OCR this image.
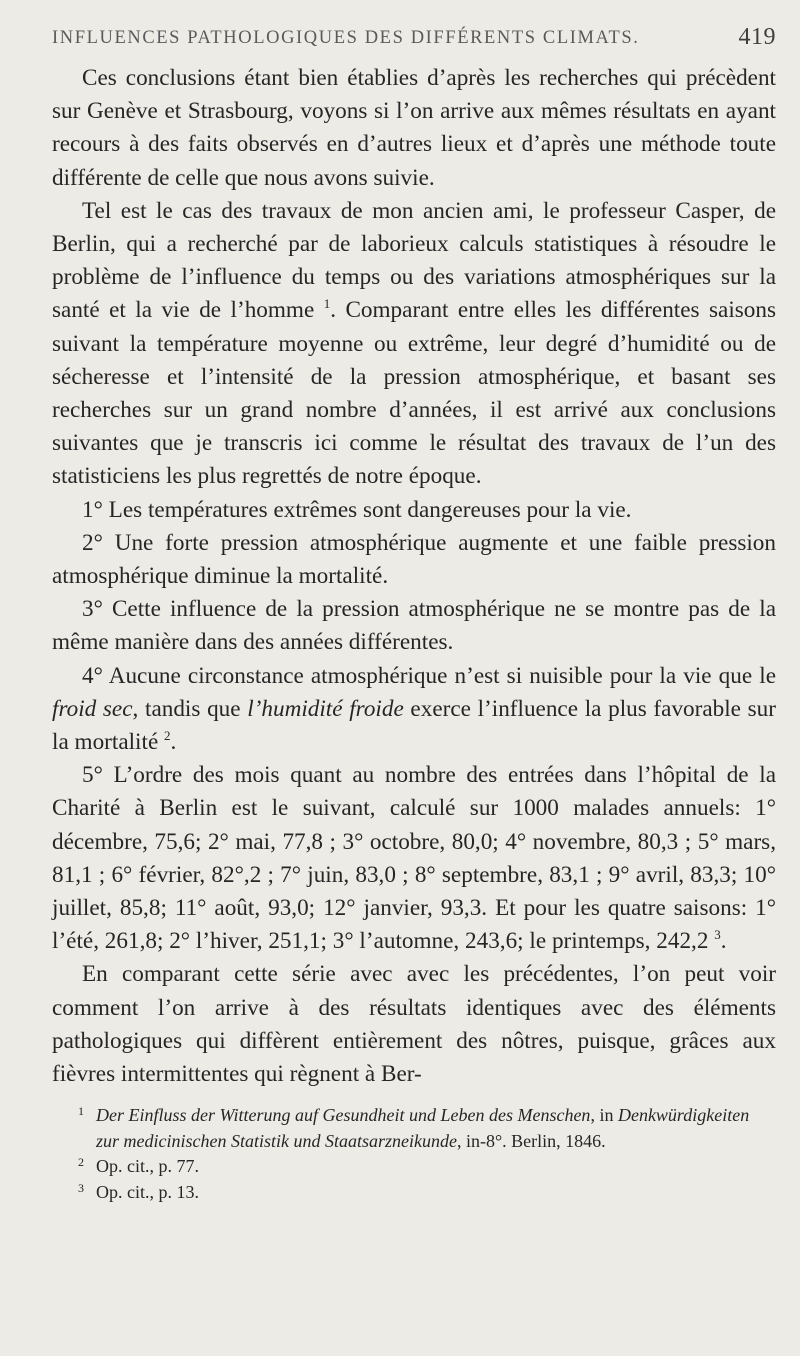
INFLUENCES PATHOLOGIQUES DES DIFFÉRENTS CLIMATS.	419

Ces conclusions étant bien établies d’après les recherches qui précèdent sur Genève et Strasbourg, voyons si l’on arrive aux mêmes résultats en ayant recours à des faits observés en d’autres lieux et d’après une méthode toute différente de celle que nous avons suivie.

Tel est le cas des travaux de mon ancien ami, le professeur Casper, de Berlin, qui a recherché par de laborieux calculs statistiques à résoudre le problème de l’influence du temps ou des variations atmosphériques sur la santé et la vie de l’homme $^1$. Comparant entre elles les différentes saisons suivant la température moyenne ou extrême, leur degré d’humidité ou de sécheresse et l’intensité de la pression atmosphérique, et basant ses recherches sur un grand nombre d’années, il est arrivé aux conclusions suivantes que je transcris ici comme le résultat des travaux de l’un des statisticiens les plus regrettés de notre époque.

1° Les températures extrêmes sont dangereuses pour la vie.

2° Une forte pression atmosphérique augmente et une faible pression atmosphérique diminue la mortalité.

3° Cette influence de la pression atmosphérique ne se montre pas de la même manière dans des années différentes.

4° Aucune circonstance atmosphérique n’est si nuisible pour la vie que le froid sec, tandis que l’humidité froide exerce l’influence la plus favorable sur la mortalité $^2$.

5° L’ordre des mois quant au nombre des entrées dans l’hôpital de la Charité à Berlin est le suivant, calculé sur 1000 malades annuels: 1° décembre, 75,6; 2° mai, 77,8 ; 3° octobre, 80,0; 4° novembre, 80,3 ; 5° mars, 81,1 ; 6° février, 82°,2 ; 7° juin, 83,0 ; 8° septembre, 83,1 ; 9° avril, 83,3; 10° juillet, 85,8; 11° août, 93,0; 12° janvier, 93,3. Et pour les quatre saisons: 1° l’été, 261,8; 2° l’hiver, 251,1; 3° l’automne, 243,6; le printemps, 242,2 $^3$.

En comparant cette série avec avec les précédentes, l’on peut voir comment l’on arrive à des résultats identiques avec des éléments pathologiques qui diffèrent entièrement des nôtres, puisque, grâces aux fièvres intermittentes qui règnent à Ber-

1 Der Einfluss der Witterung auf Gesundheit und Leben des Menschen, in Denkwürdigkeiten zur medicinischen Statistik und Staatsarzneikunde, in-8°. Berlin, 1846.

2 Op. cit., p. 77.

3 Op. cit., p. 13.
